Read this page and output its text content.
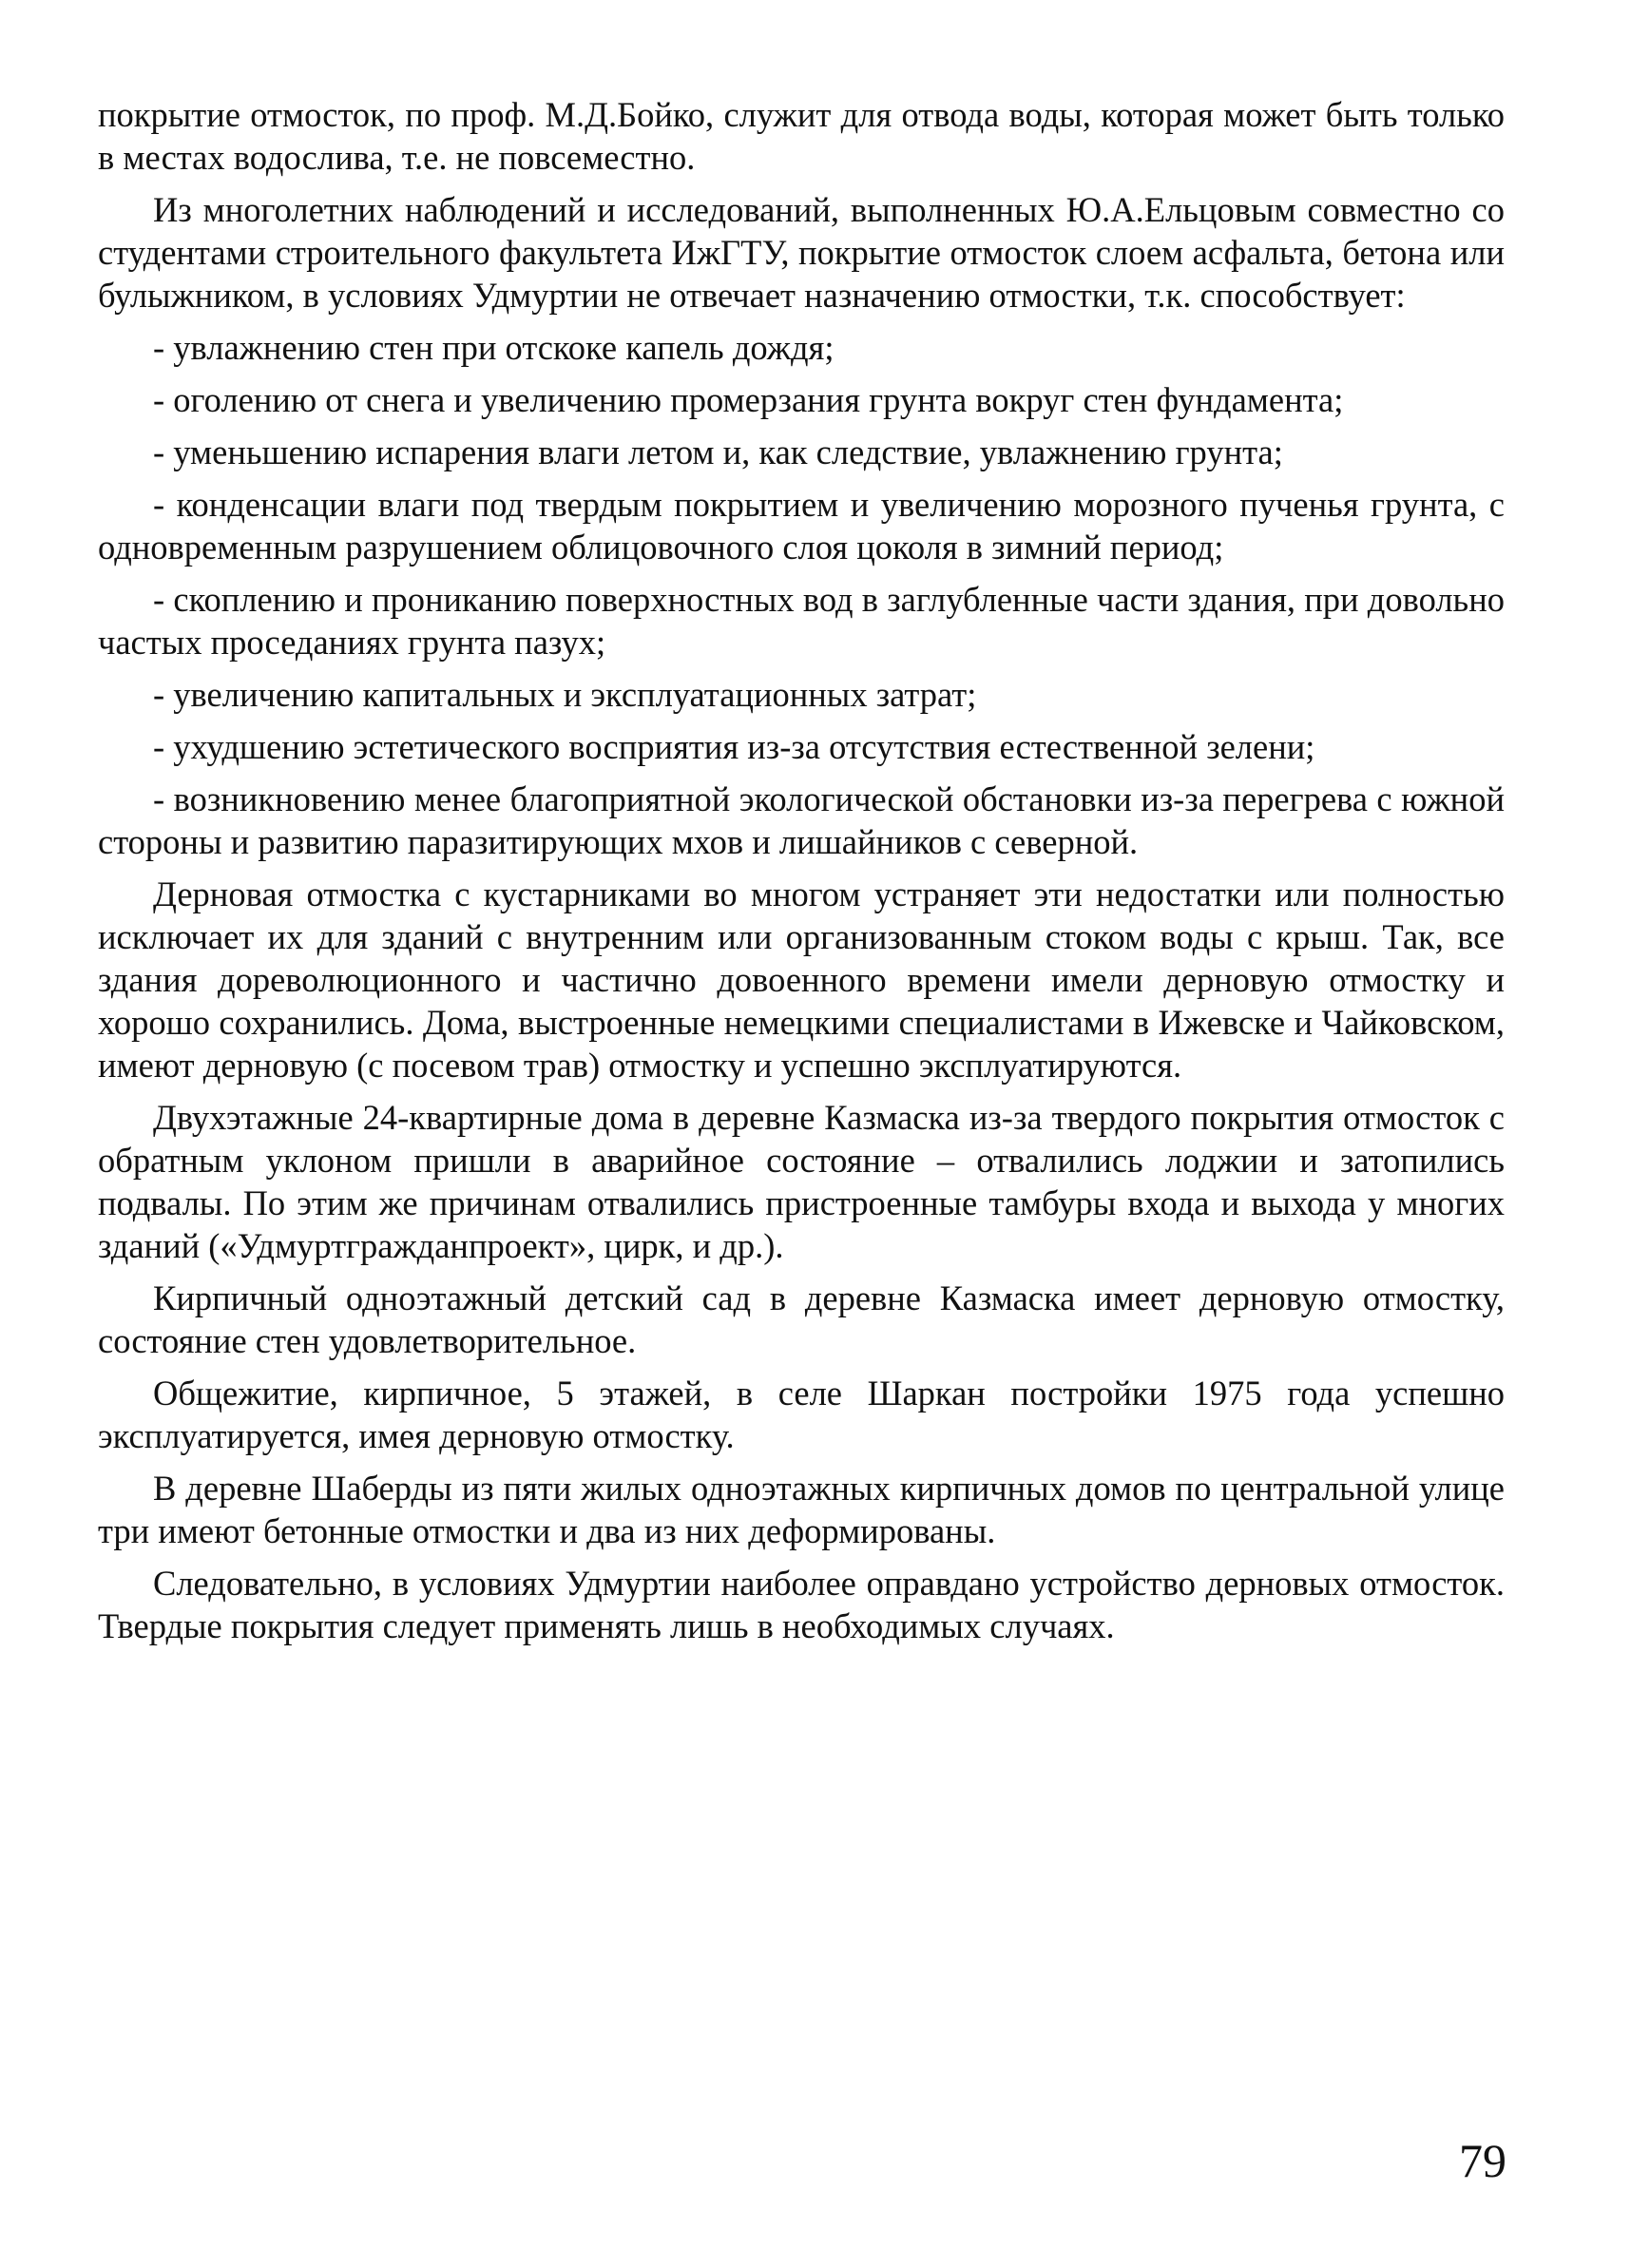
покрытие отмосток, по проф. М.Д.Бойко, служит для отвода воды, которая может быть только в местах водослива, т.е. не повсеместно.

Из многолетних наблюдений и исследований, выполненных Ю.А.Ельцовым совместно со студентами строительного факультета ИжГТУ, покрытие отмосток слоем асфальта, бетона или булыжником, в условиях Удмуртии не отвечает назначению отмостки, т.к. способствует:

- увлажнению стен при отскоке капель дождя;

- оголению от снега и увеличению промерзания грунта вокруг стен фундамента;

- уменьшению испарения влаги летом и, как следствие, увлажнению грунта;

- конденсации влаги под твердым покрытием и увеличению морозного пученья грунта, с одновременным разрушением облицовочного слоя цоколя в зимний период;

- скоплению и прониканию поверхностных вод в заглубленные части здания, при довольно частых проседаниях грунта пазух;

- увеличению капитальных и эксплуатационных затрат;

- ухудшению эстетического восприятия из-за отсутствия естественной зелени;

- возникновению менее благоприятной экологической обстановки из-за перегрева с южной стороны и развитию паразитирующих мхов и лишайников с северной.

Дерновая отмостка с кустарниками во многом устраняет эти недостатки или полностью исключает их для зданий с внутренним или организованным стоком воды с крыш. Так, все здания дореволюционного и частично довоенного времени имели дерновую отмостку и хорошо сохранились. Дома, выстроенные немецкими специалистами в Ижевске и Чайковском, имеют дерновую (с посевом трав) отмостку и успешно эксплуатируются.

Двухэтажные 24-квартирные дома в деревне Казмаска из-за твердого покрытия отмосток с обратным уклоном пришли в аварийное состояние – отвалились лоджии и затопились подвалы. По этим же причинам отвалились пристроенные тамбуры входа и выхода у многих зданий («Удмуртгражданпроект», цирк, и др.).

Кирпичный одноэтажный детский сад в деревне Казмаска имеет дерновую отмостку, состояние стен удовлетворительное.

Общежитие, кирпичное, 5 этажей, в селе Шаркан постройки 1975 года успешно эксплуатируется, имея дерновую отмостку.

В деревне Шаберды из пяти жилых одноэтажных кирпичных домов по центральной улице три имеют бетонные отмостки и два из них деформированы.

Следовательно, в условиях Удмуртии наиболее оправдано устройство дерновых отмосток. Твердые покрытия следует применять лишь в необходимых случаях.

79
